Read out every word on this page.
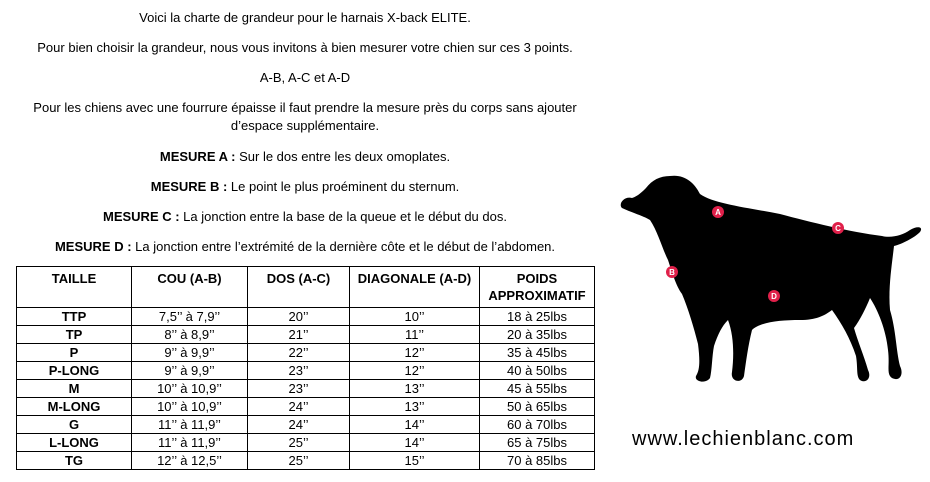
Voici la charte de grandeur pour le harnais X-back ELITE.

Pour bien choisir la grandeur, nous vous invitons à bien mesurer votre chien sur ces 3 points.

A-B, A-C et A-D

Pour les chiens avec une fourrure épaisse il faut prendre la mesure près du corps sans ajouter

d’espace supplémentaire.

MESURE A : Sur le dos entre les deux omoplates.

MESURE B : Le point le plus proéminent du sternum.

MESURE C : La jonction entre la base de la queue et le début du dos.

MESURE D : La jonction entre l’extrémité de la dernière côte et le début de l’abdomen.

TAILLE	COU (A-B)	DOS (A-C)	DIAGONALE (A-D)	POIDS APPROXIMATIF
TTP	7,5’’ à 7,9’’	20’’	10’’	18 à 25lbs
TP	8’’ à 8,9’’	21’’	11’’	20 à 35lbs
P	9’’ à 9,9’’	22’’	12’’	35 à 45lbs
P-LONG	9’’ à 9,9’’	23’’	12’’	40 à 50lbs
M	10’’ à 10,9’’	23’’	13’’	45 à 55lbs
M-LONG	10’’ à 10,9’’	24’’	13’’	50 à 65lbs
G	11’’ à 11,9’’	24’’	14’’	60 à 70lbs
L-LONG	11’’ à 11,9’’	25’’	14’’	65 à 75lbs
TG	12’’ à 12,5’’	25’’	15’’	70 à 85lbs
A
B
C
D
www.lechienblanc.com
